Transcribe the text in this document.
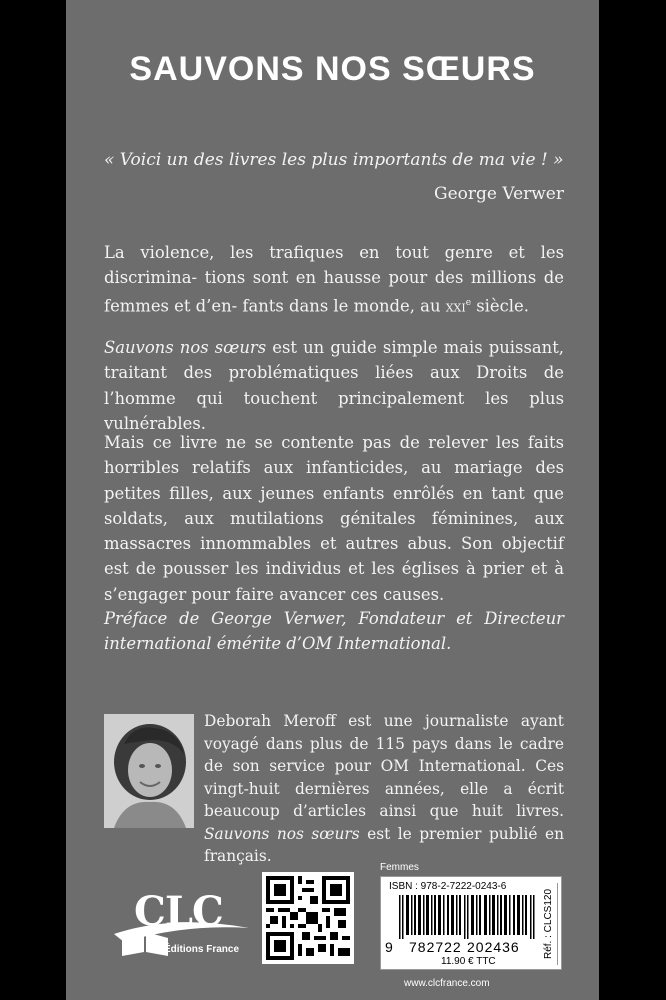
SAUVONS NOS SŒURS
« Voici un des livres les plus importants de ma vie ! »
George Verwer
La violence, les trafiques en tout genre et les discrimina- tions sont en hausse pour des millions de femmes et d’en- fants dans le monde, au xxi$^e$ siècle.
Sauvons nos sœurs est un guide simple mais puissant, traitant des problématiques liées aux Droits de l’homme qui touchent principalement les plus vulnérables.
Mais ce livre ne se contente pas de relever les faits horribles relatifs aux infanticides, au mariage des petites filles, aux jeunes enfants enrôlés en tant que soldats, aux mutilations génitales féminines, aux massacres innommables et autres abus. Son objectif est de pousser les individus et les églises à prier et à s’engager pour faire avancer ces causes.
Préface de George Verwer, Fondateur et Directeur international émérite d’OM International.
Deborah Meroff est une journaliste ayant voyagé dans plus de 115 pays dans le cadre de son service pour OM International. Ces vingt-huit dernières années, elle a écrit beaucoup d’articles ainsi que huit livres. Sauvons nos sœurs est le premier publié en français.
CLC
Éditions France
Femmes
ISBN : 978-2-7222-0243-6
9 782722 202436
11.90 € TTC
Réf. : CLCS120
www.clcfrance.com
